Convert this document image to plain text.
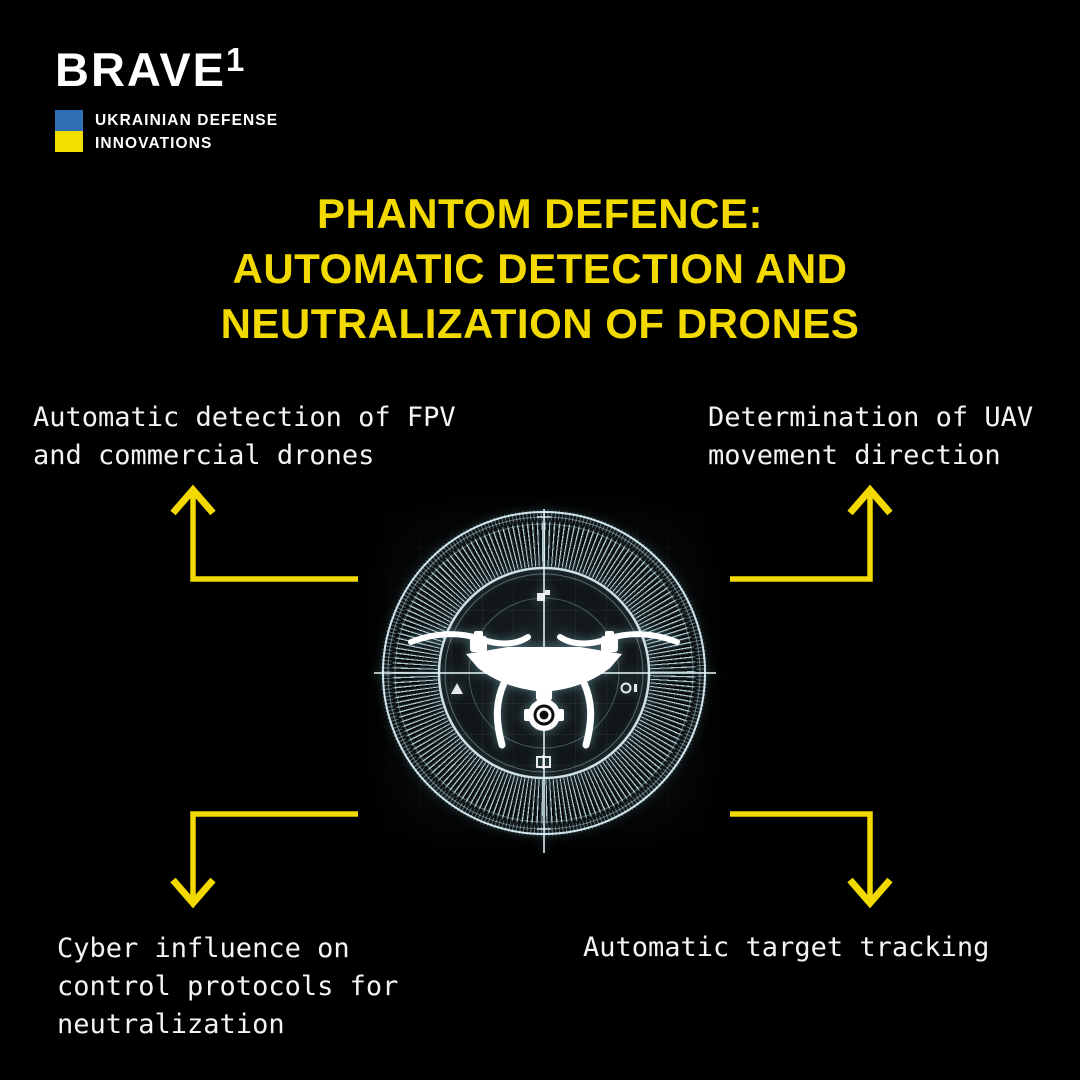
BRAVE$^1$
UKRAINIAN DEFENSE
INNOVATIONS
PHANTOM DEFENCE:
AUTOMATIC DETECTION AND
NEUTRALIZATION OF DRONES
Automatic detection of FPV
and commercial drones
Determination of UAV
movement direction
Cyber influence on
control protocols for
neutralization
Automatic target tracking
